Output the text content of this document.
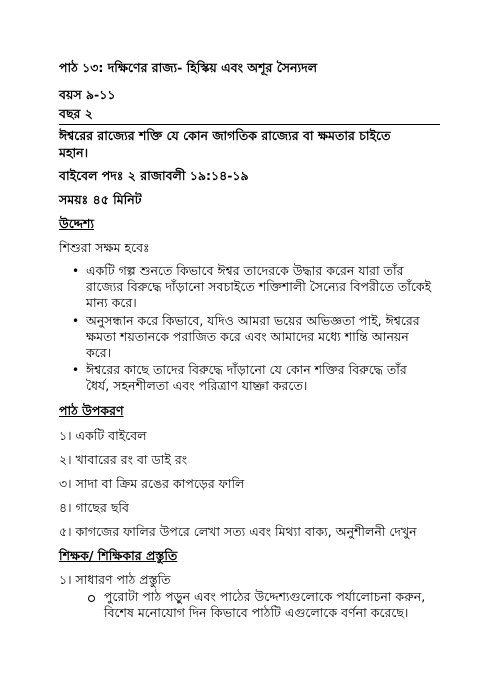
পাঠ ১৩: দক্ষিণের রাজ্য- হিস্কিয় এবং অশূর সৈন্যদল
বয়স ৯-১১
বছর ২
ঈশ্বরের রাজ্যের শক্তি যে কোন জাগতিক রাজ্যের বা ক্ষমতার চাইতে
মহান।
বাইবেল পদঃ ২ রাজাবলী ১৯:১৪-১৯
সময়ঃ ৪৫ মিনিট
উদ্দেশ্য
শিশুরা সক্ষম হবেঃ
• একটি গল্প শুনতে কিভাবে ঈশ্বর তাদেরকে উদ্ধার করেন যারা তাঁর
রাজ্যের বিরুদ্ধে দাঁড়ানো সবচাইতে শক্তিশালী সৈন্যের বিপরীতে তাঁকেই
মান্য করে।
• অনুসন্ধান করে কিভাবে, যদিও আমরা ভয়ের অভিজ্ঞতা পাই, ঈশ্বরের
ক্ষমতা শয়তানকে পরাজিত করে এবং আমাদের মধ্যে শান্তি আনয়ন
করে।
• ঈশ্বরের কাছে তাদের বিরুদ্ধে দাঁড়ানো যে কোন শক্তির বিরুদ্ধে তাঁর
ধৈর্য, সহনশীলতা এবং পরিত্রাণ যাচ্ঞা করতে।
পাঠ উপকরণ
১। একটি বাইবেল
২। খাবারের রং বা ডাই রং
৩। সাদা বা ক্রিম রঙের কাপড়ের ফালি
৪। গাছের ছবি
৫। কাগজের ফালির উপরে লেখা সত্য এবং মিথ্যা বাক্য, অনুশীলনী দেখুন
শিক্ষক/ শিক্ষিকার প্রস্তুতি
১। সাধারণ পাঠ প্রস্তুতি
পুরোটা পাঠ পড়ুন এবং পাঠের উদ্দেশ্যগুলোকে পর্যালোচনা করুন,
বিশেষ মনোযোগ দিন কিভাবে পাঠটি এগুলোকে বর্ণনা করেছে।
